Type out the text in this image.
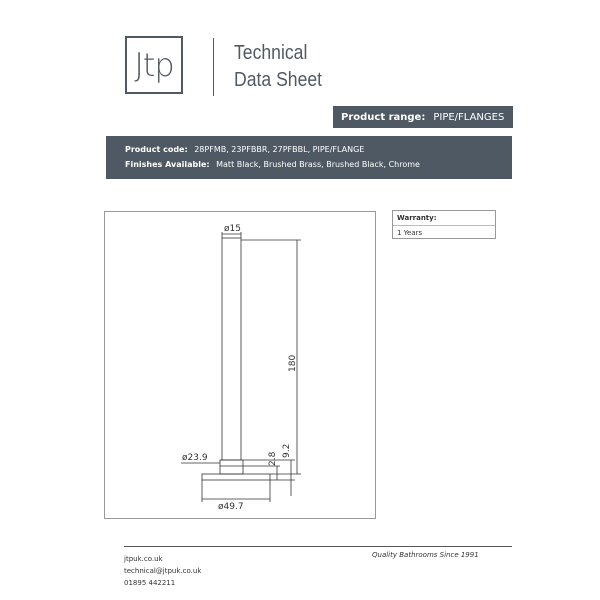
Jtp	Technical
Data Sheet
Product range: PIPE/FLANGES
Product code: 28PFMB, 23PFBBR, 27PFBBL, PIPE/FLANGE
Finishes Available: Matt Black, Brushed Brass, Brushed Black, Chrome
ø15
180
ø23.9
ø49.7
2.8
9.2
Warranty:
1 Years
jtpuk.co.uk
technical@jtpuk.co.uk
01895 442211
Quality Bathrooms Since 1991
